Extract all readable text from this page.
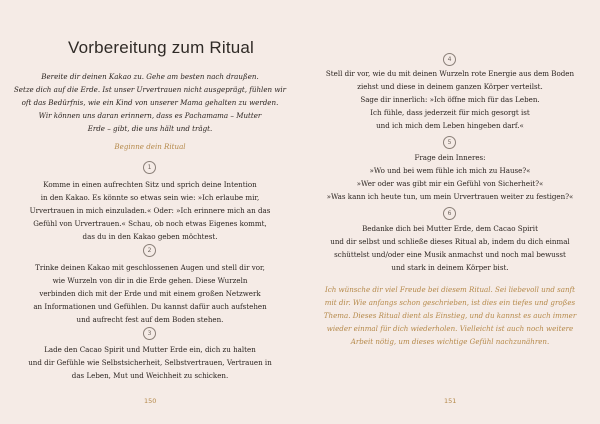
Vorbereitung zum Ritual
Bereite dir deinen Kakao zu. Gehe am besten nach draußen.
Setze dich auf die Erde. Ist unser Urvertrauen nicht ausgeprägt, fühlen wir
oft das Bedürfnis, wie ein Kind von unserer Mama gehalten zu werden.
Wir können uns daran erinnern, dass es Pachamama – Mutter
Erde – gibt, die uns hält und trägt.
Beginne dein Ritual
1
Komme in einen aufrechten Sitz und sprich deine Intention
in den Kakao. Es könnte so etwas sein wie: »Ich erlaube mir,
Urvertrauen in mich einzuladen.« Oder: »Ich erinnere mich an das
Gefühl von Urvertrauen.« Schau, ob noch etwas Eigenes kommt,
das du in den Kakao geben möchtest.
2
Trinke deinen Kakao mit geschlossenen Augen und stell dir vor,
wie Wurzeln von dir in die Erde gehen. Diese Wurzeln
verbinden dich mit der Erde und mit einem großen Netzwerk
an Informationen und Gefühlen. Du kannst dafür auch aufstehen
und aufrecht fest auf dem Boden stehen.
3
Lade den Cacao Spirit und Mutter Erde ein, dich zu halten
und dir Gefühle wie Selbstsicherheit, Selbstvertrauen, Vertrauen in
das Leben, Mut und Weichheit zu schicken.
150
4
Stell dir vor, wie du mit deinen Wurzeln rote Energie aus dem Boden
ziehst und diese in deinem ganzen Körper verteilst.
Sage dir innerlich: »Ich öffne mich für das Leben.
Ich fühle, dass jederzeit für mich gesorgt ist
und ich mich dem Leben hingeben darf.«
5
Frage dein Inneres:
»Wo und bei wem fühle ich mich zu Hause?«
»Wer oder was gibt mir ein Gefühl von Sicherheit?«
»Was kann ich heute tun, um mein Urvertrauen weiter zu festigen?«
6
Bedanke dich bei Mutter Erde, dem Cacao Spirit
und dir selbst und schließe dieses Ritual ab, indem du dich einmal
schüttelst und/oder eine Musik anmachst und noch mal bewusst
und stark in deinem Körper bist.
Ich wünsche dir viel Freude bei diesem Ritual. Sei liebevoll und sanft
mit dir. Wie anfangs schon geschrieben, ist dies ein tiefes und großes
Thema. Dieses Ritual dient als Einstieg, und du kannst es auch immer
wieder einmal für dich wiederholen. Vielleicht ist auch noch weitere
Arbeit nötig, um dieses wichtige Gefühl nachzunähren.
151
